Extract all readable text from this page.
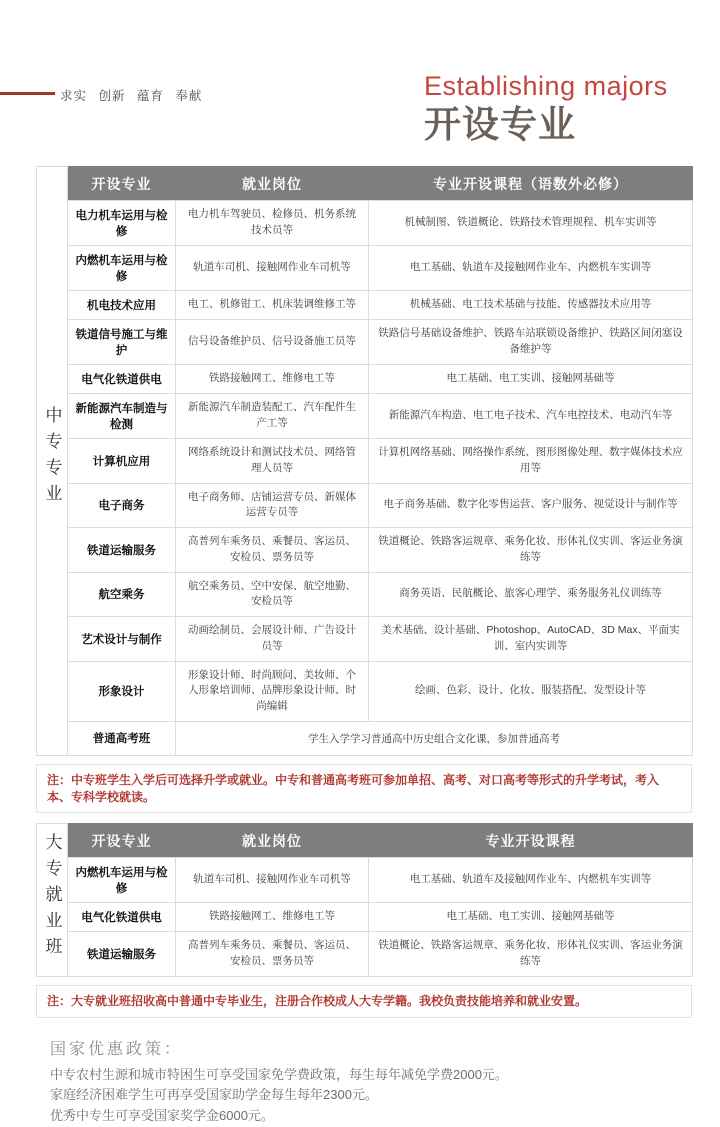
求实 创新 蕴育 奉献	Establishing majors
开设专业
中专专业	开设专业	就业岗位	专业开设课程（语数外必修）
	电力机车运用与检修	电力机车驾驶员、检修员、机务系统技术员等	机械制图、铁道概论、铁路技术管理规程、机车实训等
	内燃机车运用与检修	轨道车司机、接触网作业车司机等	电工基础、轨道车及接触网作业车、内燃机车实训等
	机电技术应用	电工、机修钳工、机床装调维修工等	机械基础、电工技术基础与技能、传感器技术应用等
	铁道信号施工与维护	信号设备维护员、信号设备施工员等	铁路信号基础设备维护、铁路车站联锁设备维护、铁路区间闭塞设备维护等
	电气化铁道供电	铁路接触网工、维修电工等	电工基础、电工实训、接触网基础等
	新能源汽车制造与检测	新能源汽车制造装配工、汽车配件生产工等	新能源汽车构造、电工电子技术、汽车电控技术、电动汽车等
	计算机应用	网络系统设计和测试技术员、网络管理人员等	计算机网络基础、网络操作系统、图形图像处理、数字媒体技术应用等
	电子商务	电子商务师、店铺运营专员、新媒体运营专员等	电子商务基础、数字化零售运营、客户服务、视觉设计与制作等
	铁道运输服务	高普列车乘务员、乘餐员、客运员、安检员、票务员等	铁道概论、铁路客运规章、乘务化妆、形体礼仪实训、客运业务演练等
	航空乘务	航空乘务员、空中安保、航空地勤、安检员等	商务英语、民航概论、旅客心理学、乘务服务礼仪训练等
	艺术设计与制作	动画绘制员、会展设计师、广告设计员等	美术基础、设计基础、Photoshop、AutoCAD、3D Max、平面实训、室内实训等
	形象设计	形象设计师、时尚顾问、美妆师、个人形象培训师、品牌形象设计师、时尚编辑	绘画、色彩、设计、化妆、服装搭配、发型设计等
	普通高考班	学生入学学习普通高中历史组合文化课，参加普通高考	
注：中专班学生入学后可选择升学或就业。中专和普通高考班可参加单招、高考、对口高考等形式的升学考试，考入本、专科学校就读。
大专就业班	开设专业	就业岗位	专业开设课程
	内燃机车运用与检修	轨道车司机、接触网作业车司机等	电工基础、轨道车及接触网作业车、内燃机车实训等
	电气化铁道供电	铁路接触网工、维修电工等	电工基础、电工实训、接触网基础等
	铁道运输服务	高普列车乘务员、乘餐员、客运员、安检员、票务员等	铁道概论、铁路客运规章、乘务化妆、形体礼仪实训、客运业务演练等
注：大专就业班招收高中普通中专毕业生，注册合作校成人大专学籍。我校负责技能培养和就业安置。
国家优惠政策：
中专农村生源和城市特困生可享受国家免学费政策，每生每年减免学费2000元。
家庭经济困难学生可再享受国家助学金每生每年2300元。
优秀中专生可享受国家奖学金6000元。
